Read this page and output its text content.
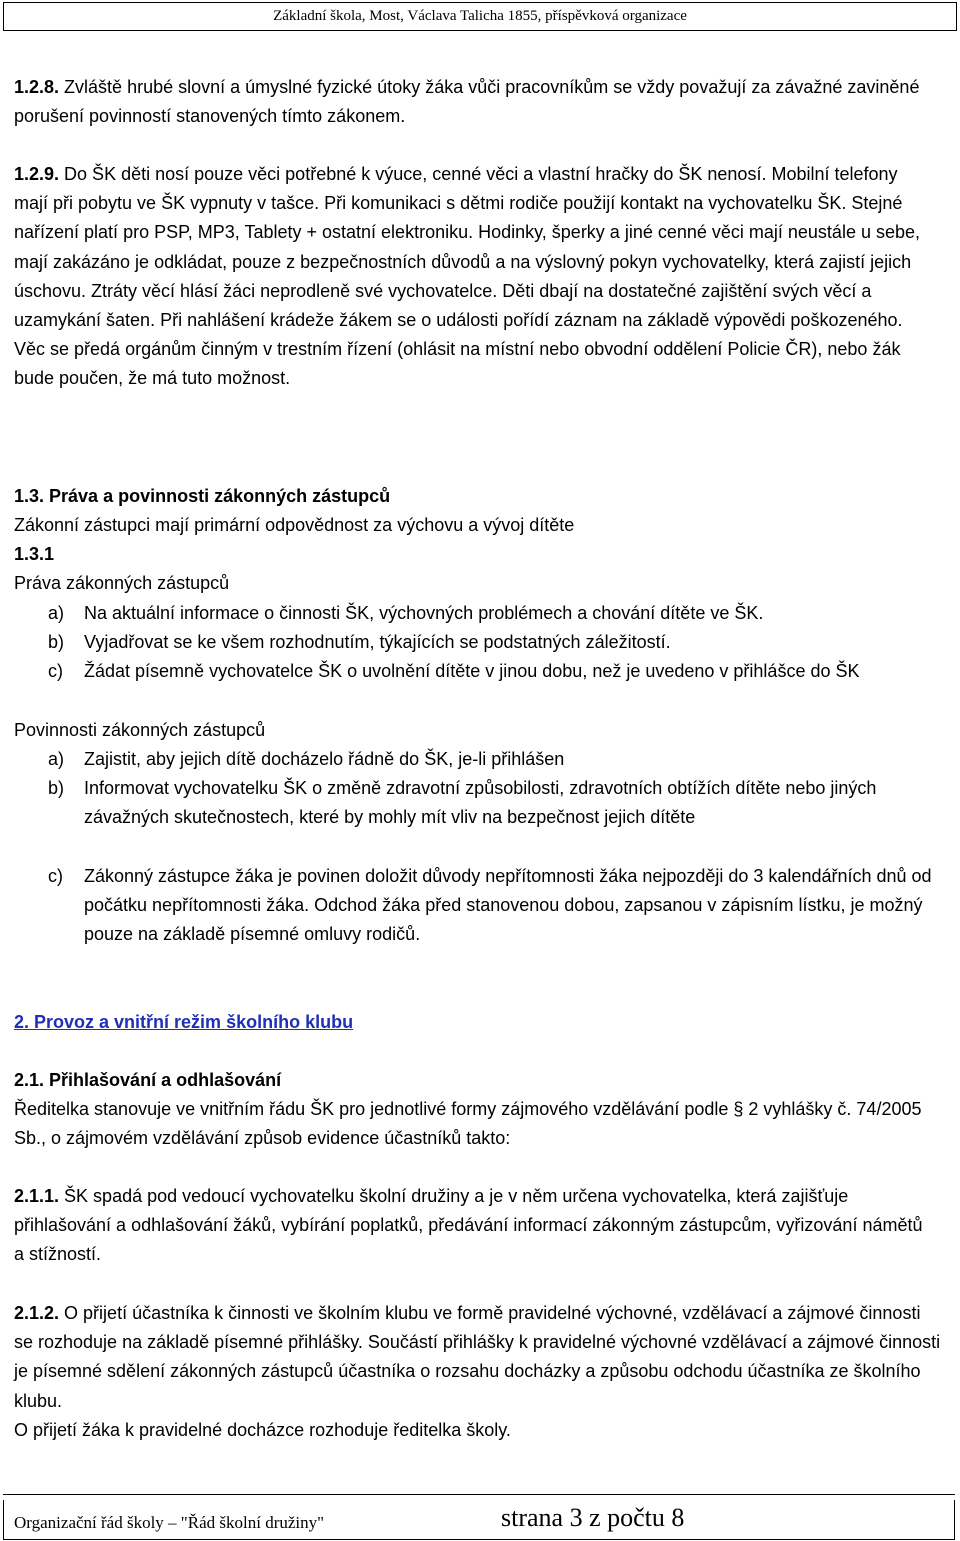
Základní škola, Most, Václava Talicha 1855, příspěvková organizace
1.2.8. Zvláště hrubé slovní a úmyslné fyzické útoky žáka vůči pracovníkům se vždy považují za závažné zaviněné porušení povinností stanovených tímto zákonem.
1.2.9. Do ŠK děti nosí pouze věci potřebné k výuce, cenné věci a vlastní hračky do ŠK nenosí. Mobilní telefony mají při pobytu ve ŠK vypnuty v tašce. Při komunikaci s dětmi rodiče použijí kontakt na vychovatelku ŠK. Stejné nařízení platí pro PSP, MP3, Tablety + ostatní elektroniku. Hodinky, šperky a jiné cenné věci mají neustále u sebe, mají zakázáno je odkládat, pouze z bezpečnostních důvodů a na výslovný pokyn vychovatelky, která zajistí jejich úschovu. Ztráty věcí hlásí žáci neprodleně své vychovatelce. Děti dbají na dostatečné zajištění svých věcí a uzamykání šaten. Při nahlášení krádeže žákem se o události pořídí záznam na základě výpovědi poškozeného. Věc se předá orgánům činným v trestním řízení (ohlásit na místní nebo obvodní oddělení Policie ČR), nebo žák bude poučen, že má tuto možnost.
1.3. Práva a povinnosti zákonných zástupců
Zákonní zástupci mají primární odpovědnost za výchovu a vývoj dítěte
1.3.1
Práva zákonných zástupců
a) Na aktuální informace o činnosti ŠK, výchovných problémech a chování dítěte ve ŠK.
b) Vyjadřovat se ke všem rozhodnutím, týkajících se podstatných záležitostí.
c) Žádat písemně vychovatelce ŠK o uvolnění dítěte v jinou dobu, než je uvedeno v přihlášce do ŠK
Povinnosti zákonných zástupců
a) Zajistit, aby jejich dítě docházelo řádně do ŠK, je-li přihlášen
b) Informovat vychovatelku ŠK o změně zdravotní způsobilosti, zdravotních obtížích dítěte nebo jiných závažných skutečnostech, které by mohly mít vliv na bezpečnost jejich dítěte
c) Zákonný zástupce žáka je povinen doložit důvody nepřítomnosti žáka nejpozději do 3 kalendářních dnů od počátku nepřítomnosti žáka. Odchod žáka před stanovenou dobou, zapsanou v zápisním lístku, je možný pouze na základě písemné omluvy rodičů.
2. Provoz a vnitřní režim školního klubu
2.1. Přihlašování a odhlašování
Ředitelka stanovuje ve vnitřním řádu ŠK pro jednotlivé formy zájmového vzdělávání podle § 2 vyhlášky č. 74/2005 Sb., o zájmovém vzdělávání způsob evidence účastníků takto:
2.1.1. ŠK spadá pod vedoucí vychovatelku školní družiny a je v něm určena vychovatelka, která zajišťuje přihlašování a odhlašování žáků, vybírání poplatků, předávání informací zákonným zástupcům, vyřizování námětů a stížností.
2.1.2. O přijetí účastníka k činnosti ve školním klubu ve formě pravidelné výchovné, vzdělávací a zájmové činnosti se rozhoduje na základě písemné přihlášky. Součástí přihlášky k pravidelné výchovné vzdělávací a zájmové činnosti je písemné sdělení zákonných zástupců účastníka o rozsahu docházky a způsobu odchodu účastníka ze školního klubu.
O přijetí žáka k pravidelné docházce rozhoduje ředitelka školy.
Organizační řád školy – "Řád školní družiny"	strana 3 z počtu 8
